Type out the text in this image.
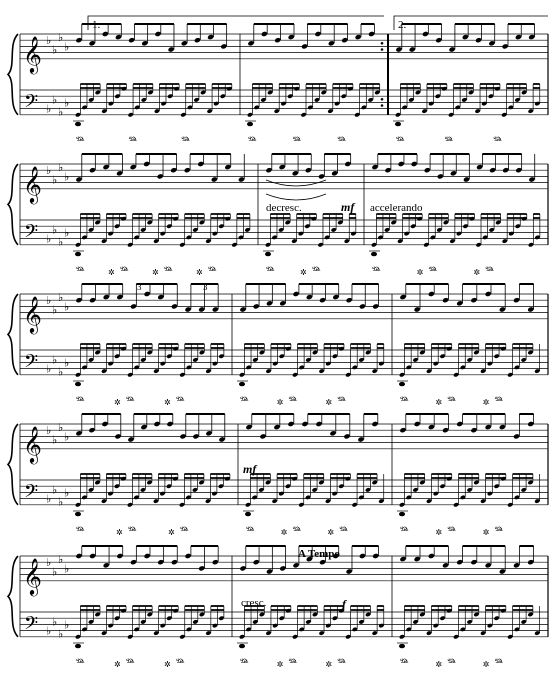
𝄞
𝄢
♭
♭
♭
♭
♭
♭
♭
♭
𝆮	𝆮	𝆮	𝆮	𝆮	𝆮	𝆮	𝆮	𝆮
𝄞
𝄢
♭
♭
♭
♭
♭
♭
♭
♭
𝆮	𝆮
✲	𝆮
✲	𝆮
✲	𝆮	𝆮
✲	𝆮	𝆮
✲	𝆮
✲
𝄞
𝄢
♭
♭
♭
♭
♭
♭
♭
♭
𝆮	𝆮
✲	𝆮
✲	𝆮	𝆮
✲	𝆮
✲	𝆮	𝆮
✲	𝆮
✲
𝄞
𝄢
♭
♭
♭
♭
♭
♭
♭
♭
𝆮	𝆮
✲	𝆮
✲	𝆮	𝆮
✲	𝆮
✲	𝆮	𝆮
✲	𝆮
✲
𝄞
𝄢
♭
♭
♭
♭
♭
♭
♭
♭
𝆮	𝆮
✲	𝆮
✲	𝆮	𝆮
✲	𝆮
✲	𝆮	𝆮
✲	𝆮
✲
1.	2.
decresc.	mf accelerando
mf
cresc.
A Tempo
f
3	3
